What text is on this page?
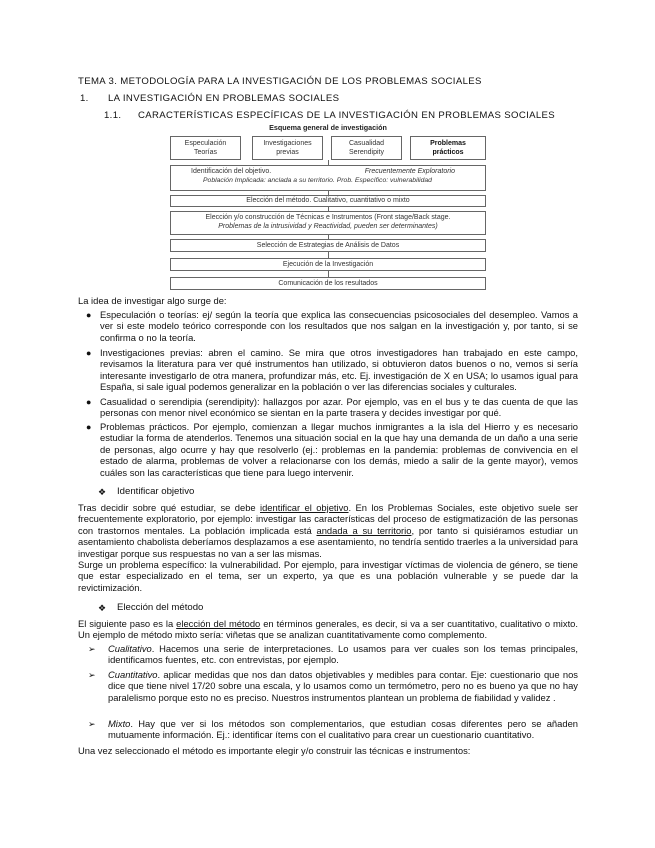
TEMA 3. METODOLOGÍA PARA LA INVESTIGACIÓN DE LOS PROBLEMAS SOCIALES
1. LA INVESTIGACIÓN EN PROBLEMAS SOCIALES
1.1. CARACTERÍSTICAS ESPECÍFICAS DE LA INVESTIGACIÓN EN PROBLEMAS SOCIALES
Esquema general de investigación
Especulación
Teorías
Investigaciones
previas
Casualidad
Serendipity
Problemas
prácticos
Identificación del objetivo.	Frecuentemente Exploratorio
Población Implicada: anclada a su territorio. Prob. Específico: vulnerabilidad
Elección del método. Cualitativo, cuantitativo o mixto
Elección y/o construcción de Técnicas e Instrumentos (Front stage/Back stage.
Problemas de la intrusividad y Reactividad, pueden ser determinantes)
Selección de Estrategias de Análisis de Datos
Ejecución de la Investigación
Comunicación de los resultados
La idea de investigar algo surge de:
● Especulación o teorías: ej/ según la teoría que explica las consecuencias psicosociales del desempleo. Vamos a ver si este modelo teórico corresponde con los resultados que nos salgan en la investigación y, por tanto, si se confirma o no la teoría.
● Investigaciones previas: abren el camino. Se mira que otros investigadores han trabajado en este campo, revisamos la literatura para ver qué instrumentos han utilizado, si obtuvieron datos buenos o no, vemos si sería interesante investigarlo de otra manera, profundizar más, etc. Ej. investigación de X en USA; lo usamos igual para España, si sale igual podemos generalizar en la población o ver las diferencias sociales y culturales.
● Casualidad o serendipia (serendipity): hallazgos por azar. Por ejemplo, vas en el bus y te das cuenta de que las personas con menor nivel económico se sientan en la parte trasera y decides investigar por qué.
● Problemas prácticos. Por ejemplo, comienzan a llegar muchos inmigrantes a la isla del Hierro y es necesario estudiar la forma de atenderlos. Tenemos una situación social en la que hay una demanda de un daño a una serie de personas, algo ocurre y hay que resolverlo (ej.: problemas en la pandemia: problemas de convivencia en el estado de alarma, problemas de volver a relacionarse con los demás, miedo a salir de la gente mayor), vemos cuáles son las características que tiene para luego intervenir.
❖ Identificar objetivo
Tras decidir sobre qué estudiar, se debe identificar el objetivo. En los Problemas Sociales, este objetivo suele ser frecuentemente exploratorio, por ejemplo: investigar las características del proceso de estigmatización de las personas con trastornos mentales. La población implicada está andada a su territorio, por tanto si quisiéramos estudiar un asentamiento chabolista deberíamos desplazamos a ese asentamiento, no tendría sentido traerles a la universidad para investigar porque sus respuestas no van a ser las mismas.
Surge un problema específico: la vulnerabilidad. Por ejemplo, para investigar víctimas de violencia de género, se tiene que estar especializado en el tema, ser un experto, ya que es una población vulnerable y se puede dar la revictimización.
❖ Elección del método
El siguiente paso es la elección del método en términos generales, es decir, si va a ser cuantitativo, cualitativo o mixto. Un ejemplo de método mixto sería: viñetas que se analizan cuantitativamente como complemento.
➢ Cualitativo. Hacemos una serie de interpretaciones. Lo usamos para ver cuales son los temas principales, identificamos fuentes, etc. con entrevistas, por ejemplo.
➢ Cuantitativo. aplicar medidas que nos dan datos objetivables y medibles para contar. Eje: cuestionario que nos dice que tiene nivel 17/20 sobre una escala, y lo usamos como un termómetro, pero no es bueno ya que no hay paralelismo porque esto no es preciso. Nuestros instrumentos plantean un problema de fiabilidad y validez .
➢ Mixto. Hay que ver si los métodos son complementarios, que estudian cosas diferentes pero se añaden mutuamente información. Ej.: identificar ítems con el cualitativo para crear un cuestionario cuantitativo.
Una vez seleccionado el método es importante elegir y/o construir las técnicas e instrumentos:
